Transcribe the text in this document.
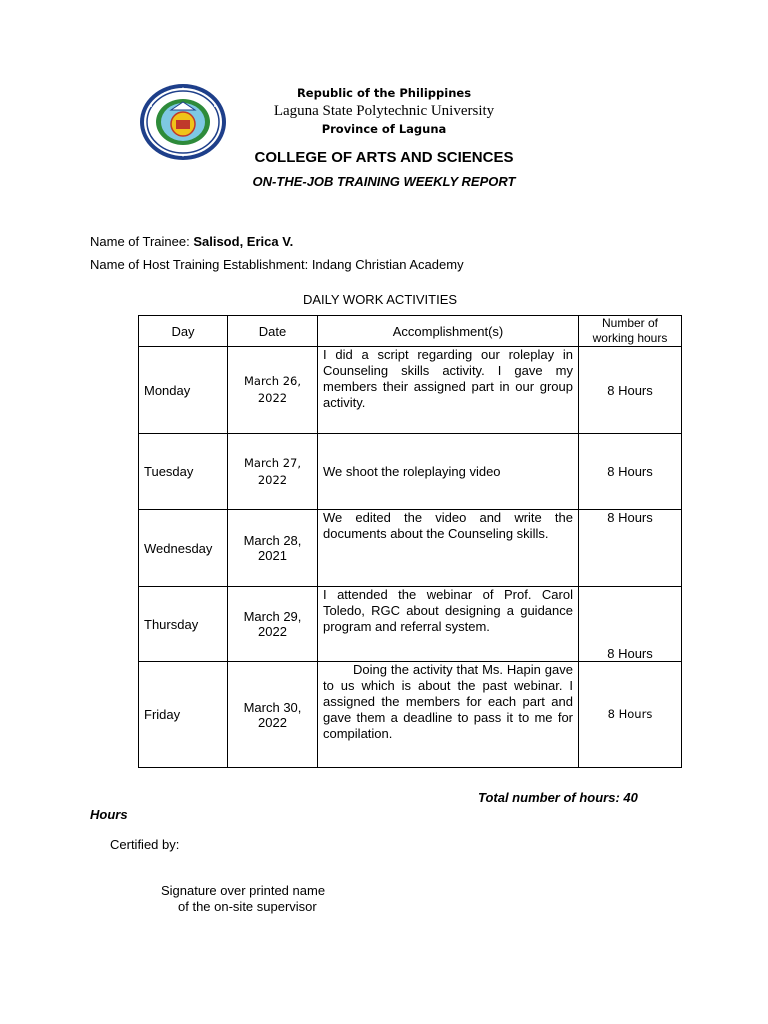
Republic of the Philippines
Laguna State Polytechnic University
Province of Laguna
COLLEGE OF ARTS AND SCIENCES
ON-THE-JOB TRAINING WEEKLY REPORT
Name of Trainee: Salisod, Erica V.
Name of Host Training Establishment: Indang Christian Academy
DAILY WORK ACTIVITIES
Day	Date	Accomplishment(s)	Number of working hours
Monday	March 26, 2022	I did a script regarding our roleplay in Counseling skills activity. I gave my members their assigned part in our group activity.	8 Hours
Tuesday	March 27, 2022	We shoot the roleplaying video	8 Hours
Wednesday	March 28, 2021	We edited the video and write the documents about the Counseling skills.	8 Hours
Thursday	March 29, 2022	I attended the webinar of Prof. Carol Toledo, RGC about designing a guidance program and referral system.	8 Hours
Friday	March 30, 2022	Doing the activity that Ms. Hapin gave to us which is about the past webinar. I assigned the members for each part and gave them a deadline to pass it to me for compilation.	8 Hours
Total number of hours: 40
Hours
Certified by:
Signature over printed name
of the on-site supervisor
